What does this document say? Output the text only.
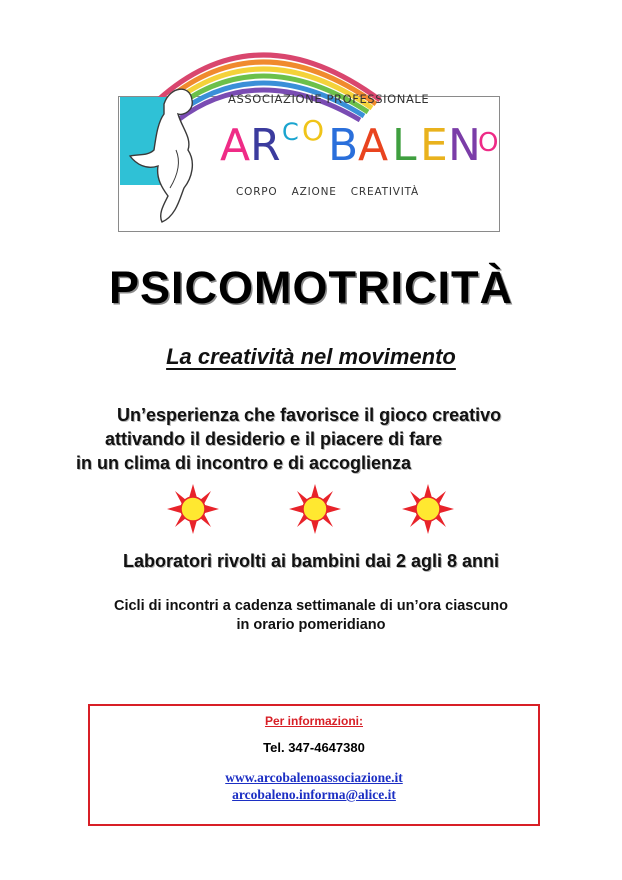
ASSOCIAZIONE PROFESSIONALE
A R C O B A L E N
O
CORPO AZIONE CREATIVITÀ
PSICOMOTRICITÀ
La creatività nel movimento
Un’esperienza che favorisce il gioco creativo
attivando il desiderio e il piacere di fare
in un clima di incontro e di accoglienza
Laboratori rivolti ai bambini dai 2 agli 8 anni
Cicli di incontri a cadenza settimanale di un’ora ciascuno
in orario pomeridiano
Per informazioni:
Tel. 347-4647380
www.arcobalenoassociazione.it
arcobaleno.informa@alice.it
